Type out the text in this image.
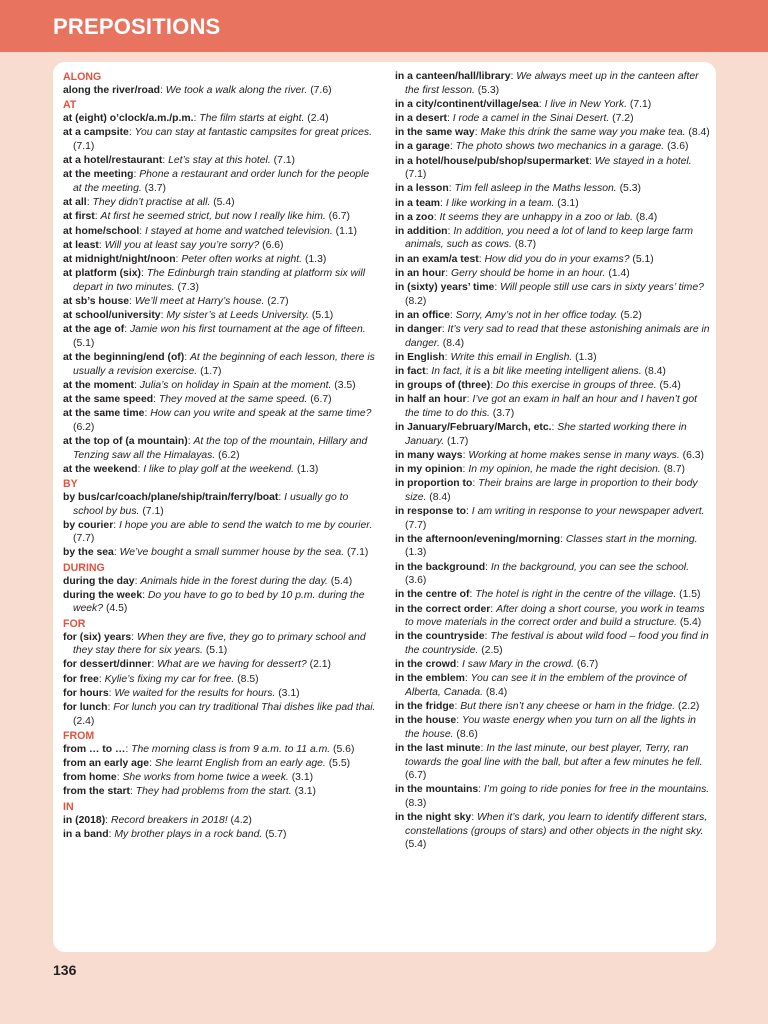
PREPOSITIONS
ALONG
along the river/road: We took a walk along the river. (7.6)
AT
at (eight) o’clock/a.m./p.m.: The film starts at eight. (2.4)
at a campsite: You can stay at fantastic campsites for great prices. (7.1)
at a hotel/restaurant: Let’s stay at this hotel. (7.1)
at the meeting: Phone a restaurant and order lunch for the people at the meeting. (3.7)
at all: They didn’t practise at all. (5.4)
at first: At first he seemed strict, but now I really like him. (6.7)
at home/school: I stayed at home and watched television. (1.1)
at least: Will you at least say you’re sorry? (6.6)
at midnight/night/noon: Peter often works at night. (1.3)
at platform (six): The Edinburgh train standing at platform six will depart in two minutes. (7.3)
at sb’s house: We’ll meet at Harry’s house. (2.7)
at school/university: My sister’s at Leeds University. (5.1)
at the age of: Jamie won his first tournament at the age of fifteen. (5.1)
at the beginning/end (of): At the beginning of each lesson, there is usually a revision exercise. (1.7)
at the moment: Julia’s on holiday in Spain at the moment. (3.5)
at the same speed: They moved at the same speed. (6.7)
at the same time: How can you write and speak at the same time? (6.2)
at the top of (a mountain): At the top of the mountain, Hillary and Tenzing saw all the Himalayas. (6.2)
at the weekend: I like to play golf at the weekend. (1.3)
BY
by bus/car/coach/plane/ship/train/ferry/boat: I usually go to school by bus. (7.1)
by courier: I hope you are able to send the watch to me by courier. (7.7)
by the sea: We’ve bought a small summer house by the sea. (7.1)
DURING
during the day: Animals hide in the forest during the day. (5.4)
during the week: Do you have to go to bed by 10 p.m. during the week? (4.5)
FOR
for (six) years: When they are five, they go to primary school and they stay there for six years. (5.1)
for dessert/dinner: What are we having for dessert? (2.1)
for free: Kylie’s fixing my car for free. (8.5)
for hours: We waited for the results for hours. (3.1)
for lunch: For lunch you can try traditional Thai dishes like pad thai. (2.4)
FROM
from … to …: The morning class is from 9 a.m. to 11 a.m. (5.6)
from an early age: She learnt English from an early age. (5.5)
from home: She works from home twice a week. (3.1)
from the start: They had problems from the start. (3.1)
IN
in (2018): Record breakers in 2018! (4.2)
in a band: My brother plays in a rock band. (5.7)
in a canteen/hall/library: We always meet up in the canteen after the first lesson. (5.3)
in a city/continent/village/sea: I live in New York. (7.1)
in a desert: I rode a camel in the Sinai Desert. (7.2)
in the same way: Make this drink the same way you make tea. (8.4)
in a garage: The photo shows two mechanics in a garage. (3.6)
in a hotel/house/pub/shop/supermarket: We stayed in a hotel. (7.1)
in a lesson: Tim fell asleep in the Maths lesson. (5.3)
in a team: I like working in a team. (3.1)
in a zoo: It seems they are unhappy in a zoo or lab. (8.4)
in addition: In addition, you need a lot of land to keep large farm animals, such as cows. (8.7)
in an exam/a test: How did you do in your exams? (5.1)
in an hour: Gerry should be home in an hour. (1.4)
in (sixty) years’ time: Will people still use cars in sixty years’ time? (8.2)
in an office: Sorry, Amy’s not in her office today. (5.2)
in danger: It’s very sad to read that these astonishing animals are in danger. (8.4)
in English: Write this email in English. (1.3)
in fact: In fact, it is a bit like meeting intelligent aliens. (8.4)
in groups of (three): Do this exercise in groups of three. (5.4)
in half an hour: I’ve got an exam in half an hour and I haven’t got the time to do this. (3.7)
in January/February/March, etc.: She started working there in January. (1.7)
in many ways: Working at home makes sense in many ways. (6.3)
in my opinion: In my opinion, he made the right decision. (8.7)
in proportion to: Their brains are large in proportion to their body size. (8.4)
in response to: I am writing in response to your newspaper advert. (7.7)
in the afternoon/evening/morning: Classes start in the morning. (1.3)
in the background: In the background, you can see the school. (3.6)
in the centre of: The hotel is right in the centre of the village. (1.5)
in the correct order: After doing a short course, you work in teams to move materials in the correct order and build a structure. (5.4)
in the countryside: The festival is about wild food – food you find in the countryside. (2.5)
in the crowd: I saw Mary in the crowd. (6.7)
in the emblem: You can see it in the emblem of the province of Alberta, Canada. (8.4)
in the fridge: But there isn’t any cheese or ham in the fridge. (2.2)
in the house: You waste energy when you turn on all the lights in the house. (8.6)
in the last minute: In the last minute, our best player, Terry, ran towards the goal line with the ball, but after a few minutes he fell. (6.7)
in the mountains: I’m going to ride ponies for free in the mountains. (8.3)
in the night sky: When it’s dark, you learn to identify different stars, constellations (groups of stars) and other objects in the night sky. (5.4)
136
